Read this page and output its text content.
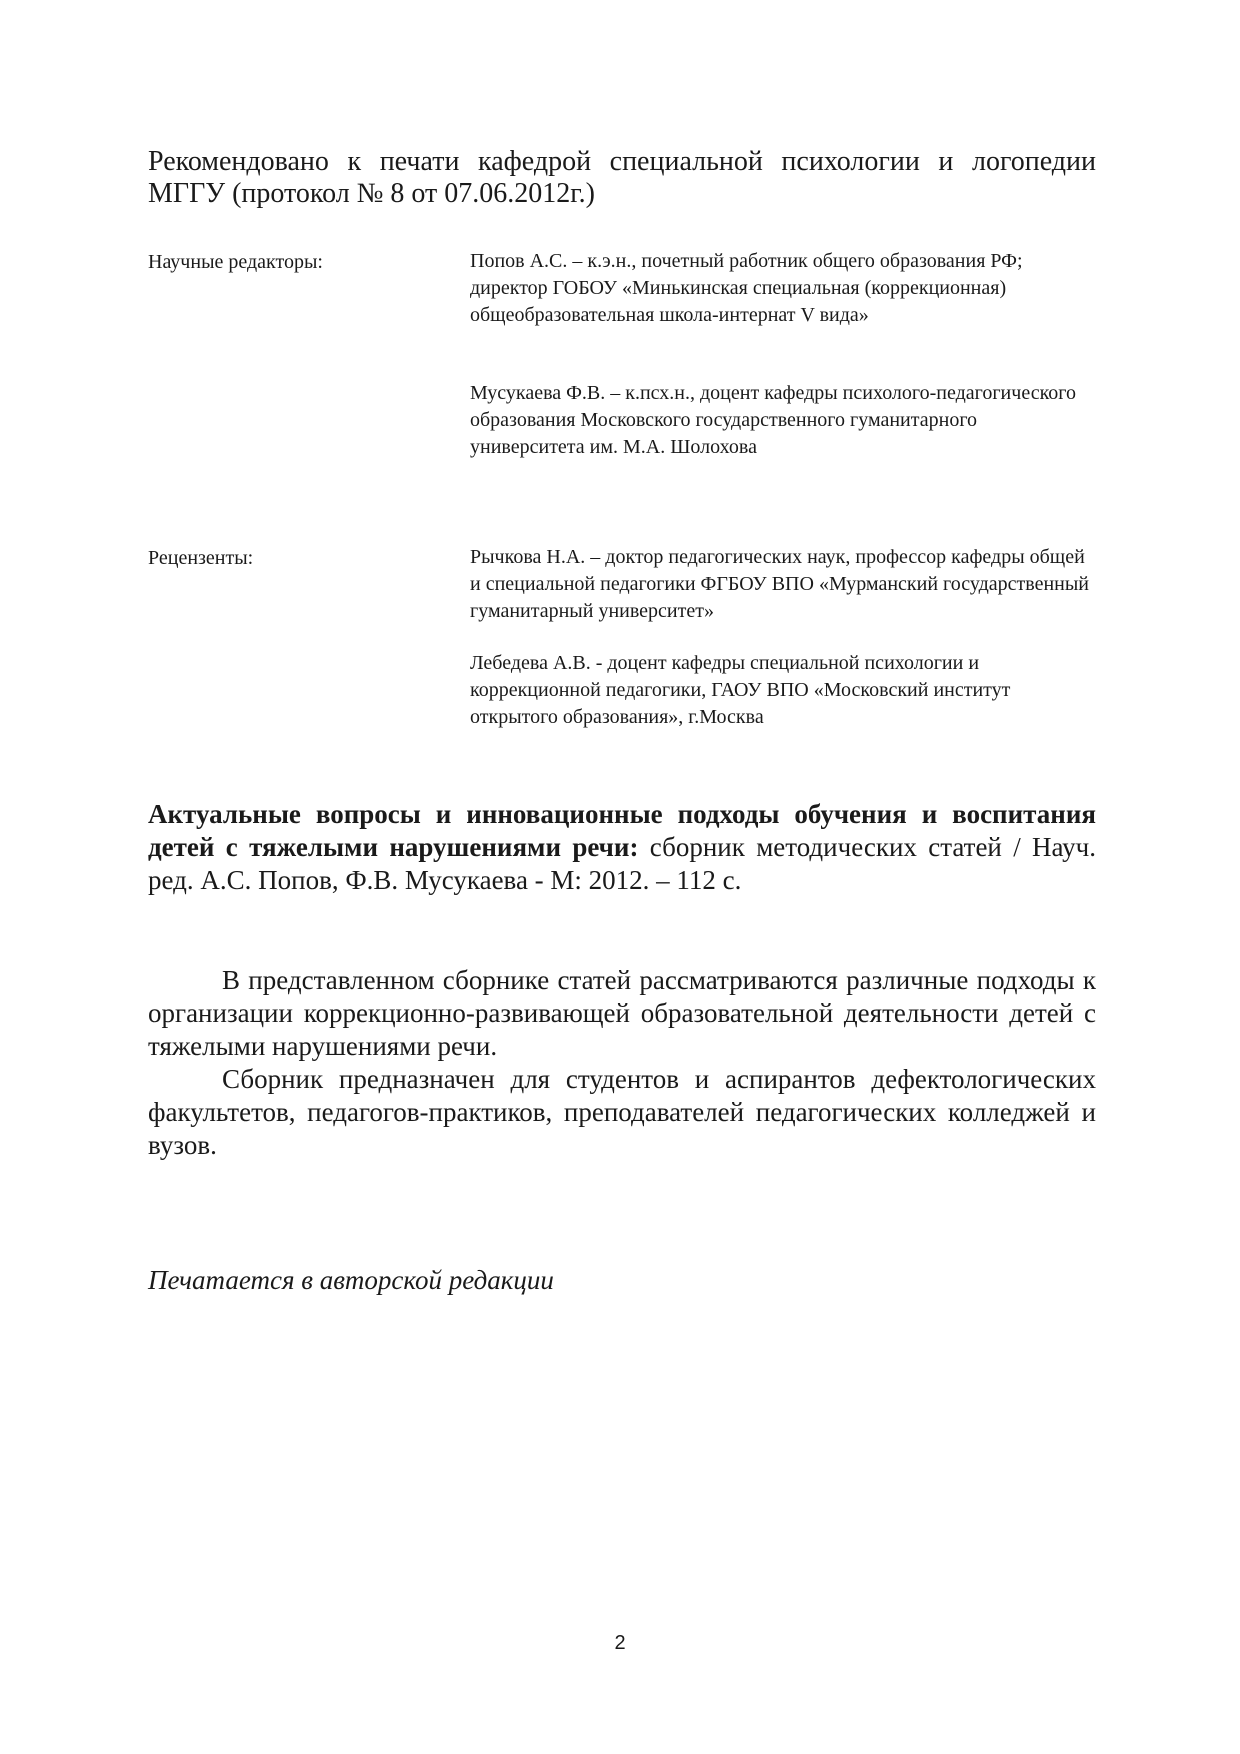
Рекомендовано к печати кафедрой специальной психологии и логопедии МГГУ (протокол № 8 от 07.06.2012г.)
Научные редакторы:	Попов А.С. – к.э.н., почетный работник общего образования РФ; директор ГОБОУ «Минькинская специальная (коррекционная) общеобразовательная школа-интернат V вида»
Мусукаева Ф.В. – к.псх.н., доцент кафедры психолого-педагогического образования Московского государственного гуманитарного университета им. М.А. Шолохова
Рецензенты:	Рычкова Н.А. – доктор педагогических наук, профессор кафедры общей и специальной педагогики ФГБОУ ВПО «Мурманский государственный гуманитарный университет»
Лебедева А.В. - доцент кафедры специальной психологии и коррекционной педагогики, ГАОУ ВПО «Московский институт открытого образования», г.Москва
Актуальные вопросы и инновационные подходы обучения и воспитания детей с тяжелыми нарушениями речи: сборник методических статей / Науч. ред. А.С. Попов, Ф.В. Мусукаева - М: 2012. – 112 с.

В представленном сборнике статей рассматриваются различные подходы к организации коррекционно-развивающей образовательной деятельности детей с тяжелыми нарушениями речи.

Сборник предназначен для студентов и аспирантов дефектологических факультетов, педагогов-практиков, преподавателей педагогических колледжей и вузов.

Печатается в авторской редакции
2
